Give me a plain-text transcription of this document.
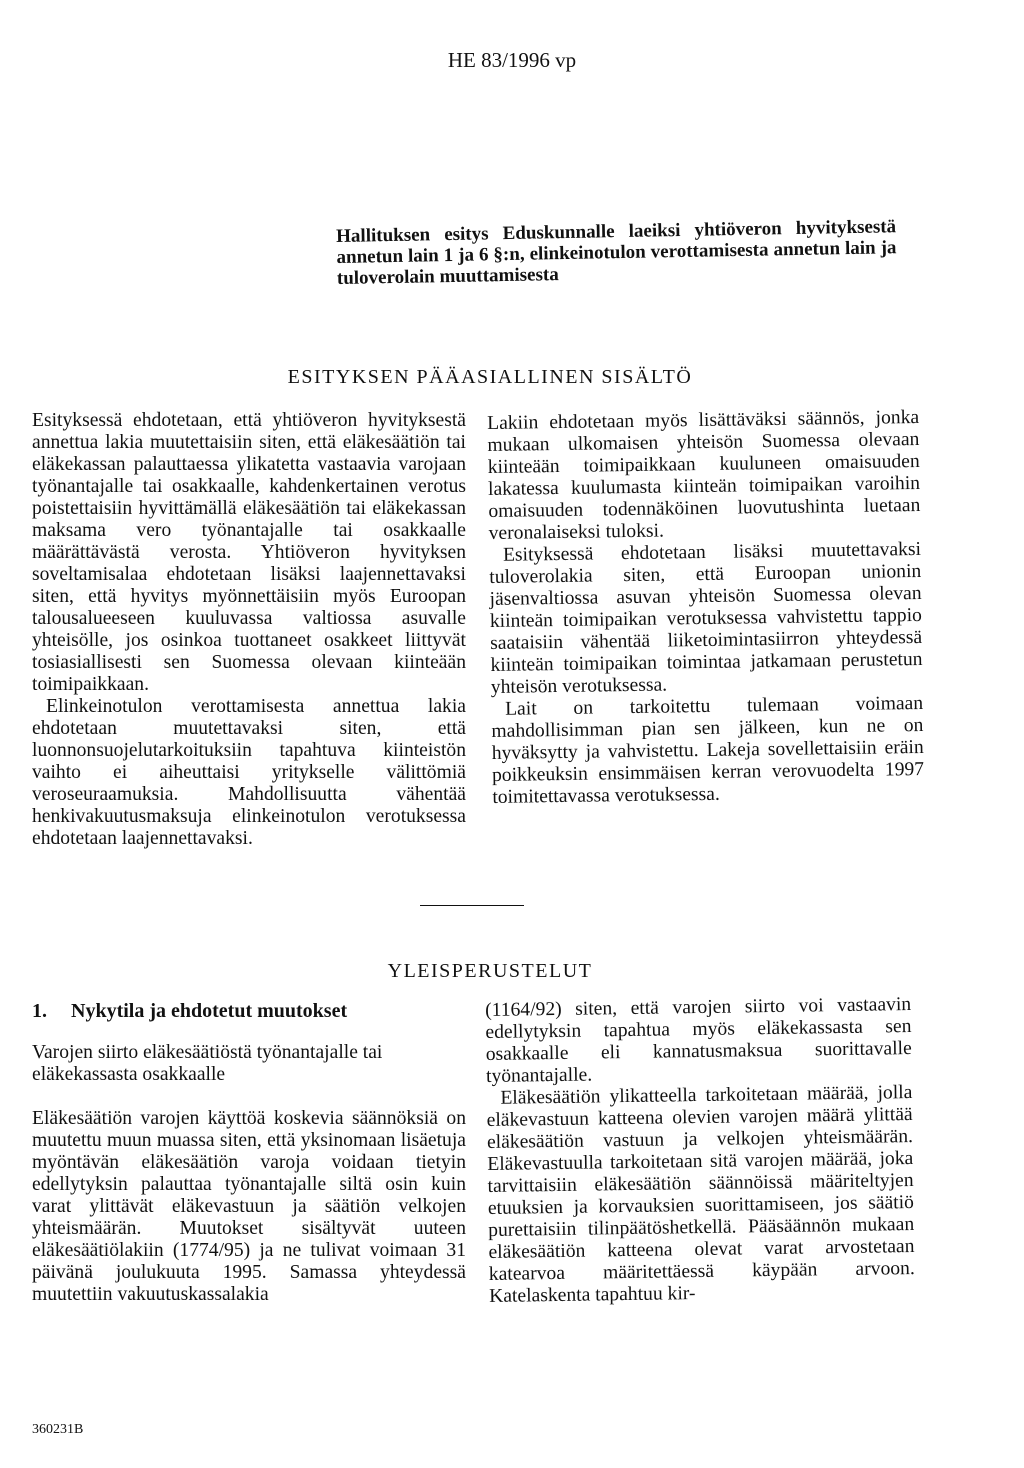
HE 83/1996 vp
Hallituksen esitys Eduskunnalle laeiksi yhtiöveron hyvityksestä annetun lain 1 ja 6 §:n, elinkeinotulon verottamisesta annetun lain ja tuloverolain muuttamisesta
ESITYKSEN PÄÄASIALLINEN SISÄLTÖ

Esityksessä ehdotetaan, että yhtiöveron hyvityksestä annettua lakia muutettaisiin siten, että eläkesäätiön tai eläkekassan palauttaessa ylikatetta vastaavia varojaan työnantajalle tai osakkaalle, kahdenkertainen verotus poistettaisiin hyvittämällä eläkesäätiön tai eläkekassan maksama vero työnantajalle tai osakkaalle määrättävästä verosta. Yhtiöveron hyvityksen soveltamisalaa ehdotetaan lisäksi laajennettavaksi siten, että hyvitys myönnettäisiin myös Euroopan talousalueeseen kuuluvassa valtiossa asuvalle yhteisölle, jos osinkoa tuottaneet osakkeet liittyvät tosiasiallisesti sen Suomessa olevaan kiinteään toimipaikkaan.

Elinkeinotulon verottamisesta annettua lakia ehdotetaan muutettavaksi siten, että luonnonsuojelutarkoituksiin tapahtuva kiinteistön vaihto ei aiheuttaisi yritykselle välittömiä veroseuraamuksia. Mahdollisuutta vähentää henkivakuutusmaksuja elinkeinotulon verotuksessa ehdotetaan laajennettavaksi.

Lakiin ehdotetaan myös lisättäväksi säännös, jonka mukaan ulkomaisen yhteisön Suomessa olevaan kiinteään toimipaikkaan kuuluneen omaisuuden lakatessa kuulumasta kiinteän toimipaikan varoihin omaisuuden todennäköinen luovutushinta luetaan veronalaiseksi tuloksi.

Esityksessä ehdotetaan lisäksi muutettavaksi tuloverolakia siten, että Euroopan unionin jäsenvaltiossa asuvan yhteisön Suomessa olevan kiinteän toimipaikan verotuksessa vahvistettu tappio saataisiin vähentää liiketoimintasiirron yhteydessä kiinteän toimipaikan toimintaa jatkamaan perustetun yhteisön verotuksessa.

Lait on tarkoitettu tulemaan voimaan mahdollisimman pian sen jälkeen, kun ne on hyväksytty ja vahvistettu. Lakeja sovellettaisiin eräin poikkeuksin ensimmäisen kerran verovuodelta 1997 toimitettavassa verotuksessa.

YLEISPERUSTELUT
1. Nykytila ja ehdotetut muutokset
Varojen siirto eläkesäätiöstä työnantajalle tai eläkekassasta osakkaalle

Eläkesäätiön varojen käyttöä koskevia säännöksiä on muutettu muun muassa siten, että yksinomaan lisäetuja myöntävän eläkesäätiön varoja voidaan tietyin edellytyksin palauttaa työnantajalle siltä osin kuin varat ylittävät eläkevastuun ja säätiön velkojen yhteismäärän. Muutokset sisältyvät uuteen eläkesäätiölakiin (1774/95) ja ne tulivat voimaan 31 päivänä joulukuuta 1995. Samassa yhteydessä muutettiin vakuutuskassalakia

(1164/92) siten, että varojen siirto voi vastaavin edellytyksin tapahtua myös eläkekassasta sen osakkaalle eli kannatusmaksua suorittavalle työnantajalle.

Eläkesäätiön ylikatteella tarkoitetaan määrää, jolla eläkevastuun katteena olevien varojen määrä ylittää eläkesäätiön vastuun ja velkojen yhteismäärän. Eläkevastuulla tarkoitetaan sitä varojen määrää, joka tarvittaisiin eläkesäätiön säännöissä määriteltyjen etuuksien ja korvauksien suorittamiseen, jos säätiö purettaisiin tilinpäätöshetkellä. Pääsäännön mukaan eläkesäätiön katteena olevat varat arvostetaan katearvoa määritettäessä käypään arvoon. Katelaskenta tapahtuu kir-

360231B
